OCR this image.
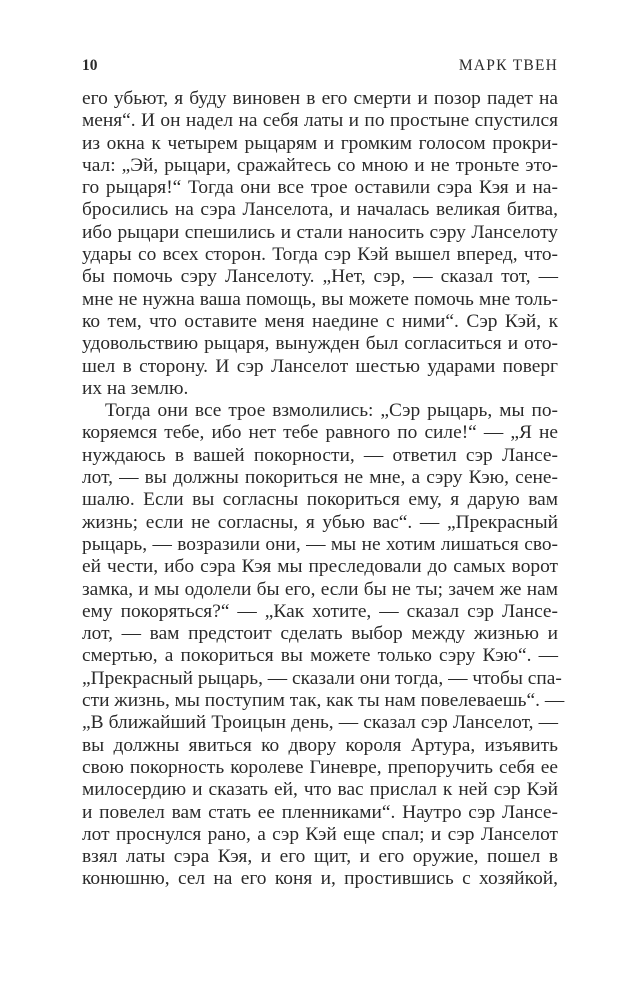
10	МАРК ТВЕН
его убьют, я буду виновен в его смерти и позор падет на
меня“. И он надел на себя латы и по простыне спустился
из окна к четырем рыцарям и громким голосом прокри-
чал: „Эй, рыцари, сражайтесь со мною и не троньте это-
го рыцаря!“ Тогда они все трое оставили сэра Кэя и на-
бросились на сэра Ланселота, и началась великая битва,
ибо рыцари спешились и стали наносить сэру Ланселоту
удары со всех сторон. Тогда сэр Кэй вышел вперед, что-
бы помочь сэру Ланселоту. „Нет, сэр, — сказал тот, —
мне не нужна ваша помощь, вы можете помочь мне толь-
ко тем, что оставите меня наедине с ними“. Сэр Кэй, к
удовольствию рыцаря, вынужден был согласиться и ото-
шел в сторону. И сэр Ланселот шестью ударами поверг
их на землю.
Тогда они все трое взмолились: „Сэр рыцарь, мы по-
коряемся тебе, ибо нет тебе равного по силе!“ — „Я не
нуждаюсь в вашей покорности, — ответил сэр Лансе-
лот, — вы должны покориться не мне, а сэру Кэю, сене-
шалю. Если вы согласны покориться ему, я дарую вам
жизнь; если не согласны, я убью вас“. — „Прекрасный
рыцарь, — возразили они, — мы не хотим лишаться сво-
ей чести, ибо сэра Кэя мы преследовали до самых ворот
замка, и мы одолели бы его, если бы не ты; зачем же нам
ему покоряться?“ — „Как хотите, — сказал сэр Лансе-
лот, — вам предстоит сделать выбор между жизнью и
смертью, а покориться вы можете только сэру Кэю“. —
„Прекрасный рыцарь, — сказали они тогда, — чтобы спа-
сти жизнь, мы поступим так, как ты нам повелеваешь“. —
„В ближайший Троицын день, — сказал сэр Ланселот, —
вы должны явиться ко двору короля Артура, изъявить
свою покорность королеве Гиневре, препоручить себя ее
милосердию и сказать ей, что вас прислал к ней сэр Кэй
и повелел вам стать ее пленниками“. Наутро сэр Лансе-
лот проснулся рано, а сэр Кэй еще спал; и сэр Ланселот
взял латы сэра Кэя, и его щит, и его оружие, пошел в
конюшню, сел на его коня и, простившись с хозяйкой,
